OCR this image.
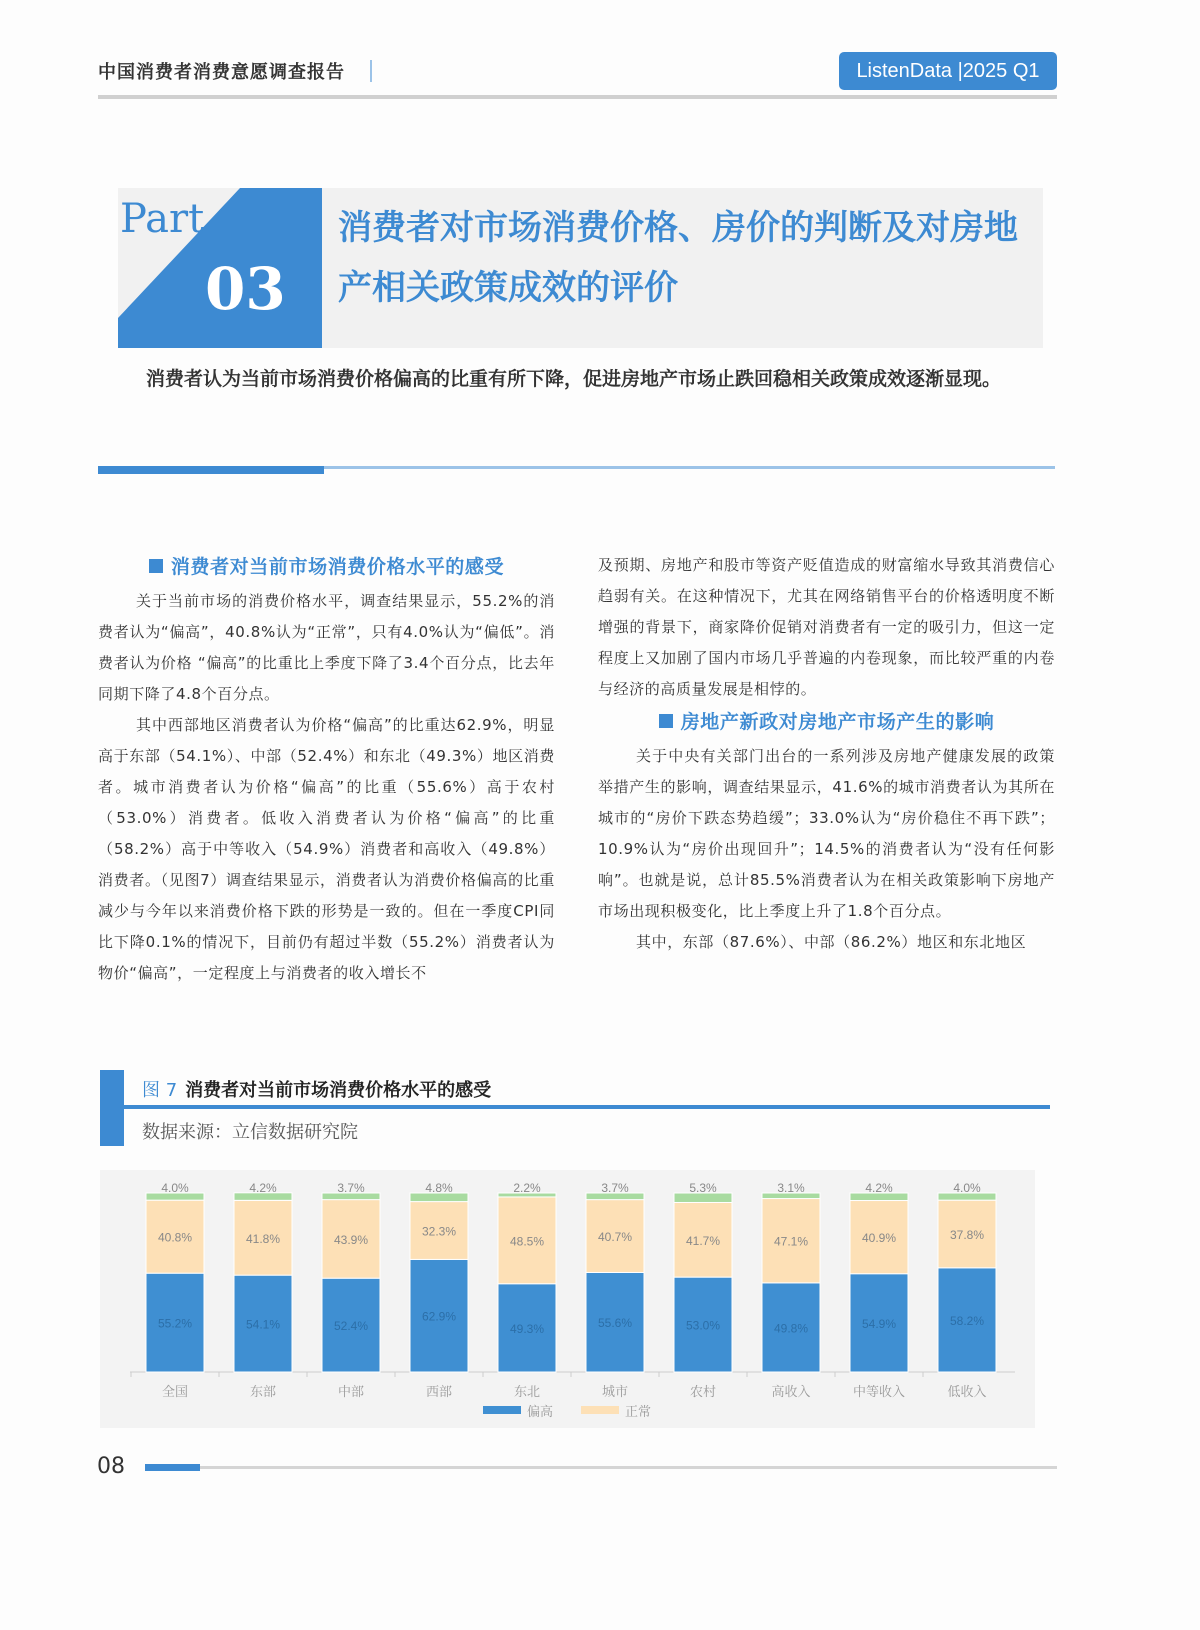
中国消费者消费意愿调查报告	ListenData |2025 Q1
Part
03
消费者对市场消费价格、房价的判断及对房地产相关政策成效的评价
消费者认为当前市场消费价格偏高的比重有所下降，促进房地产市场止跌回稳相关政策成效逐渐显现。
消费者对当前市场消费价格水平的感受

关于当前市场的消费价格水平，调查结果显示，55.2%的消费者认为“偏高”，40.8%认为“正常”，只有4.0%认为“偏低”。消费者认为价格 “偏高”的比重比上季度下降了3.4个百分点，比去年同期下降了4.8个百分点。

其中西部地区消费者认为价格“偏高”的比重达62.9%，明显高于东部（54.1%）、中部（52.4%）和东北（49.3%）地区消费者。城市消费者认为价格“偏高”的比重（55.6%）高于农村（53.0%）消费者。低收入消费者认为价格“偏高”的比重（58.2%）高于中等收入（54.9%）消费者和高收入（49.8%）消费者。（见图7）调查结果显示，消费者认为消费价格偏高的比重减少与今年以来消费价格下跌的形势是一致的。但在一季度CPI同比下降0.1%的情况下，目前仍有超过半数（55.2%）消费者认为物价“偏高”，一定程度上与消费者的收入增长不

及预期、房地产和股市等资产贬值造成的财富缩水导致其消费信心趋弱有关。在这种情况下，尤其在网络销售平台的价格透明度不断增强的背景下，商家降价促销对消费者有一定的吸引力，但这一定程度上又加剧了国内市场几乎普遍的内卷现象，而比较严重的内卷与经济的高质量发展是相悖的。

房地产新政对房地产市场产生的影响

关于中央有关部门出台的一系列涉及房地产健康发展的政策举措产生的影响，调查结果显示，41.6%的城市消费者认为其所在城市的“房价下跌态势趋缓”；33.0%认为“房价稳住不再下跌”；10.9%认为“房价出现回升”；14.5%的消费者认为“没有任何影响”。也就是说，总计85.5%消费者认为在相关政策影响下房地产市场出现积极变化，比上季度上升了1.8个百分点。

其中，东部（87.6%）、中部（86.2%）地区和东北地区

图 7 消费者对当前市场消费价格水平的感受
数据来源：立信数据研究院
55.2%
40.8%
4.0%
全国
54.1%
41.8%
4.2%
东部
52.4%
43.9%
3.7%
中部
62.9%
32.3%
4.8%
西部
49.3%
48.5%
2.2%
东北
55.6%
40.7%
3.7%
城市
53.0%
41.7%
5.3%
农村
49.8%
47.1%
3.1%
高收入
54.9%
40.9%
4.2%
中等收入
58.2%
37.8%
4.0%
低收入
偏高	正常
08
